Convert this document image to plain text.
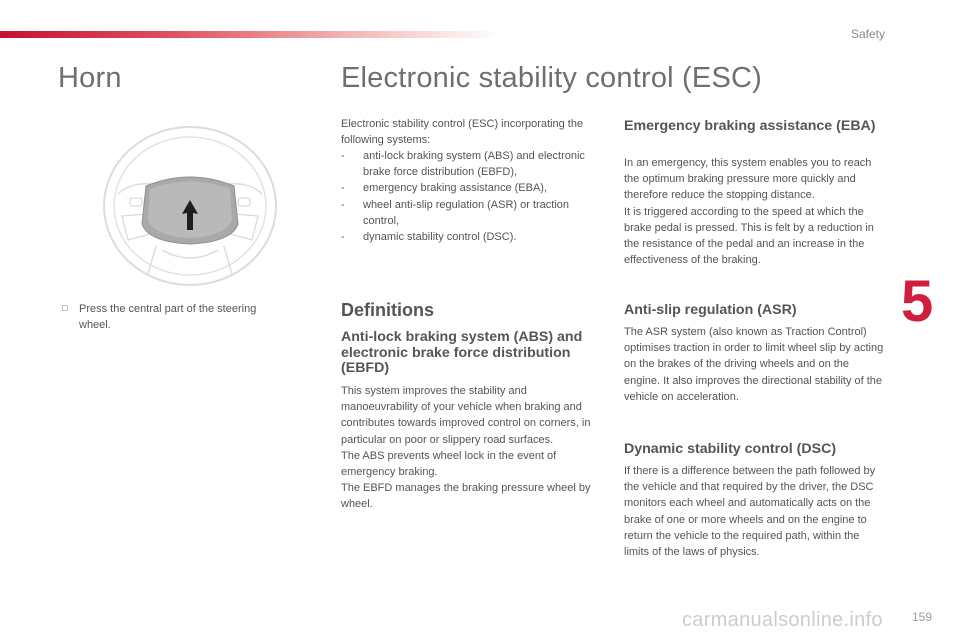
Safety
Horn	Electronic stability control (ESC)
□	Press the central part of the steering wheel.

Electronic stability control (ESC) incorporating the following systems:

-	anti-lock braking system (ABS) and electronic brake force distribution (EBFD),
-	emergency braking assistance (EBA),
-	wheel anti-slip regulation (ASR) or traction control,
-	dynamic stability control (DSC).
Definitions
Anti-lock braking system (ABS) and electronic brake force distribution (EBFD)

This system improves the stability and manoeuvrability of your vehicle when braking and contributes towards improved control on corners, in particular on poor or slippery road surfaces.

The ABS prevents wheel lock in the event of emergency braking.

The EBFD manages the braking pressure wheel by wheel.

Emergency braking assistance (EBA)

In an emergency, this system enables you to reach the optimum braking pressure more quickly and therefore reduce the stopping distance.

It is triggered according to the speed at which the brake pedal is pressed. This is felt by a reduction in the resistance of the pedal and an increase in the effectiveness of the braking.

Anti-slip regulation (ASR)

The ASR system (also known as Traction Control) optimises traction in order to limit wheel slip by acting on the brakes of the driving wheels and on the engine. It also improves the directional stability of the vehicle on acceleration.

Dynamic stability control (DSC)

If there is a difference between the path followed by the vehicle and that required by the driver, the DSC monitors each wheel and automatically acts on the brake of one or more wheels and on the engine to return the vehicle to the required path, within the limits of the laws of physics.

5
carmanualsonline.info 159
